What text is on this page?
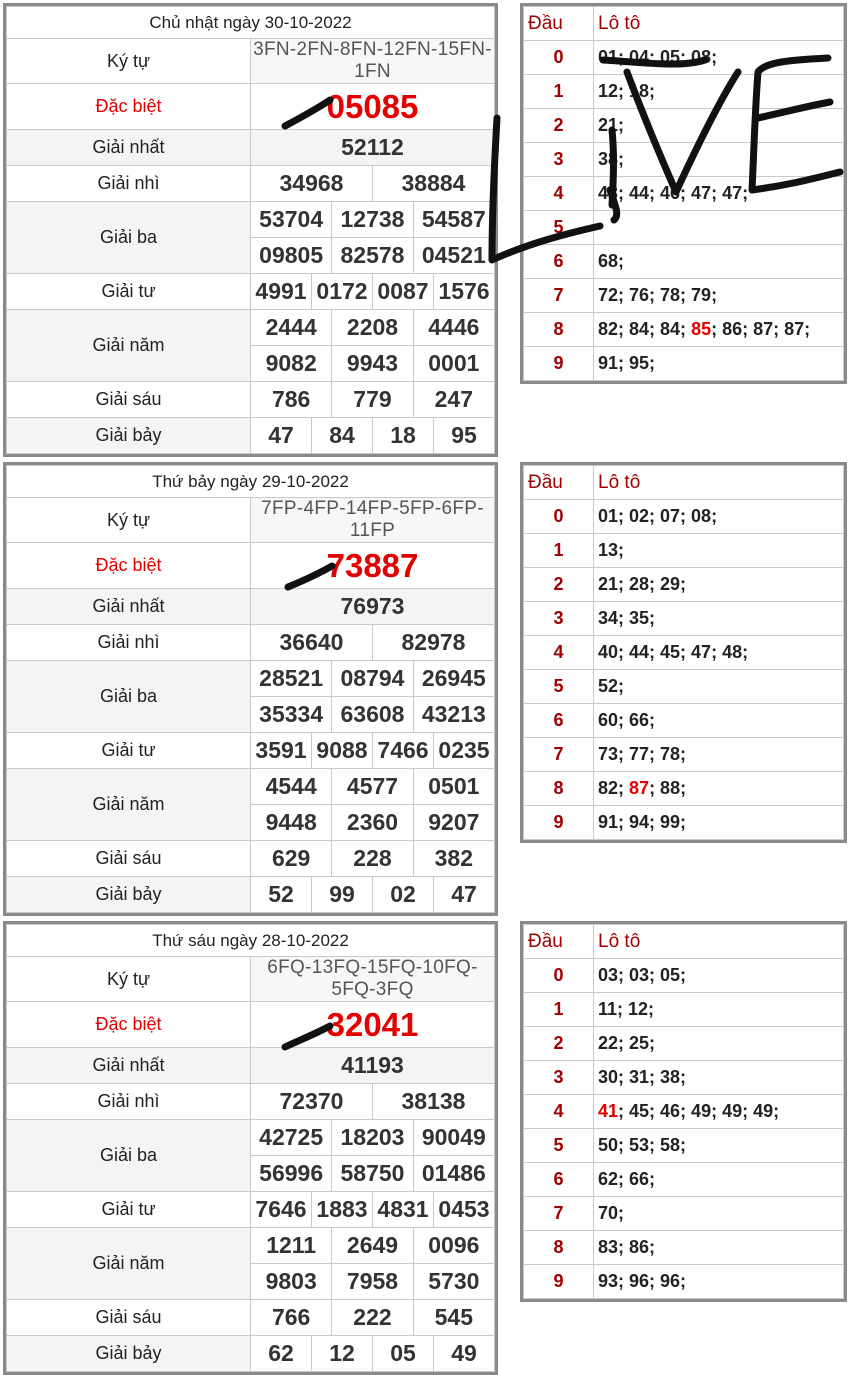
Chủ nhật ngày 30-10-2022	
Ký tự	3FN-2FN-8FN-12FN-15FN-1FN
Đặc biệt	05085
Giải nhất	52112
Giải nhì	34968 38884

Giải ba	53704 12738 54587

09805 82578 04521

Giải tư	4991 0172 0087 1576

Giải năm	2444 2208 4446

9082 9943 0001

Giải sáu	786 779 247

Giải bảy	47 84 18 95
Đầu	Lô tô
0	01; 04; 05; 08;
1	12; 18;
2	21;
3	38;
4	43; 44; 46; 47; 47;
5	
6	68;
7	72; 76; 78; 79;
8	82; 84; 84; 85; 86; 87; 87;
9	91; 95;
Thứ bảy ngày 29-10-2022	
Ký tự	7FP-4FP-14FP-5FP-6FP-11FP
Đặc biệt	73887
Giải nhất	76973
Giải nhì	36640 82978

Giải ba	28521 08794 26945

35334 63608 43213

Giải tư	3591 9088 7466 0235

Giải năm	4544 4577 0501

9448 2360 9207

Giải sáu	629 228 382

Giải bảy	52 99 02 47
Đầu	Lô tô
0	01; 02; 07; 08;
1	13;
2	21; 28; 29;
3	34; 35;
4	40; 44; 45; 47; 48;
5	52;
6	60; 66;
7	73; 77; 78;
8	82; 87; 88;
9	91; 94; 99;
Thứ sáu ngày 28-10-2022	
Ký tự	6FQ-13FQ-15FQ-10FQ-5FQ-3FQ
Đặc biệt	32041
Giải nhất	41193
Giải nhì	72370 38138

Giải ba	42725 18203 90049

56996 58750 01486

Giải tư	7646 1883 4831 0453

Giải năm	1211 2649 0096

9803 7958 5730

Giải sáu	766 222 545

Giải bảy	62 12 05 49
Đầu	Lô tô
0	03; 03; 05;
1	11; 12;
2	22; 25;
3	30; 31; 38;
4	41; 45; 46; 49; 49; 49;
5	50; 53; 58;
6	62; 66;
7	70;
8	83; 86;
9	93; 96; 96;
